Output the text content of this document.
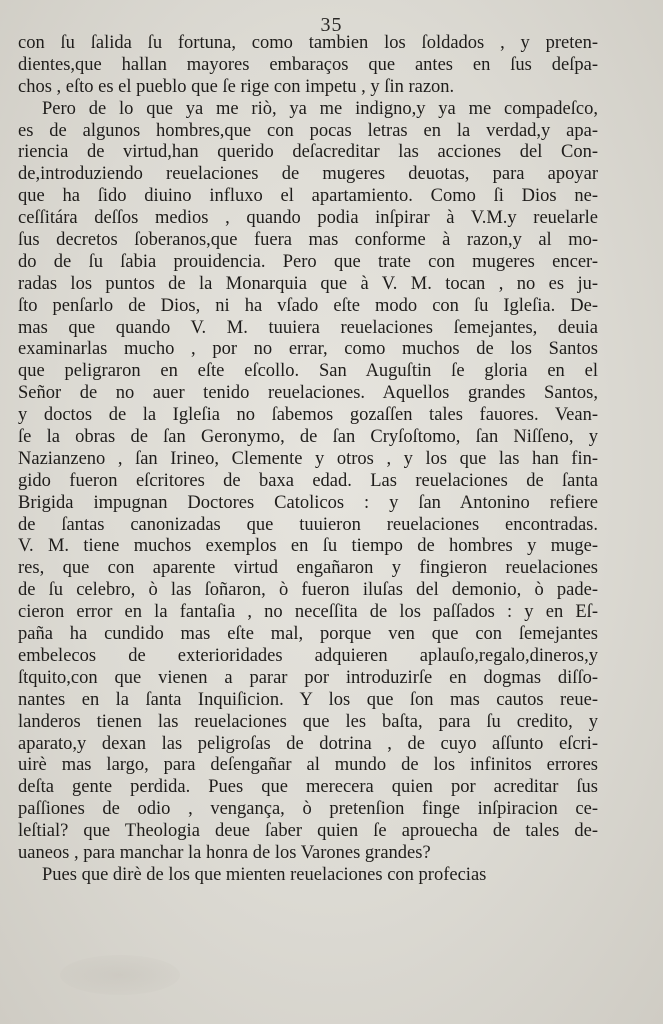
35
con ſu ſalida ſu fortuna, como tambien los ſoldados , y preten-
dientes,que hallan mayores embaraços que antes en ſus deſpa-
chos , eſto es el pueblo que ſe rige con impetu , y ſin razon.
Pero de lo que ya me riò, ya me indigno,y ya me compadeſco,
es de algunos hombres,que con pocas letras en la verdad,y apa-
riencia de virtud,han querido deſacreditar las acciones del Con-
de,introduziendo reuelaciones de mugeres deuotas, para apoyar
que ha ſido diuino influxo el apartamiento. Como ſi Dios ne-
ceſſitára deſſos medios , quando podia inſpirar à V.M.y reuelarle
ſus decretos ſoberanos,que fuera mas conforme à razon,y al mo-
do de ſu ſabia prouidencia. Pero que trate con mugeres encer-
radas los puntos de la Monarquia que à V. M. tocan , no es ju-
ſto penſarlo de Dios, ni ha vſado eſte modo con ſu Igleſia. De-
mas que quando V. M. tuuiera reuelaciones ſemejantes, deuia
examinarlas mucho , por no errar, como muchos de los Santos
que peligraron en eſte eſcollo. San Auguſtin ſe gloria en el
Señor de no auer tenido reuelaciones. Aquellos grandes Santos,
y doctos de la Igleſia no ſabemos gozaſſen tales fauores. Vean-
ſe la obras de ſan Geronymo, de ſan Cryſoſtomo, ſan Niſſeno, y
Nazianzeno , ſan Irineo, Clemente y otros , y los que las han fin-
gido fueron eſcritores de baxa edad. Las reuelaciones de ſanta
Brigida impugnan Doctores Catolicos : y ſan Antonino refiere
de ſantas canonizadas que tuuieron reuelaciones encontradas.
V. M. tiene muchos exemplos en ſu tiempo de hombres y muge-
res, que con aparente virtud engañaron y fingieron reuelaciones
de ſu celebro, ò las ſoñaron, ò fueron iluſas del demonio, ò pade-
cieron error en la fantaſia , no neceſſita de los paſſados : y en Eſ-
paña ha cundido mas eſte mal, porque ven que con ſemejantes
embelecos de exterioridades adquieren aplauſo,regalo,dineros,y
ſtquito,con que vienen a parar por introduzirſe en dogmas diſſo-
nantes en la ſanta Inquiſicion. Y los que ſon mas cautos reue-
landeros tienen las reuelaciones que les baſta, para ſu credito, y
aparato,y dexan las peligroſas de dotrina , de cuyo aſſunto eſcri-
uirè mas largo, para deſengañar al mundo de los infinitos errores
deſta gente perdida. Pues que merecera quien por acreditar ſus
paſſiones de odio , vengança, ò pretenſion finge inſpiracion ce-
leſtial? que Theologia deue ſaber quien ſe aprouecha de tales de-
uaneos , para manchar la honra de los Varones grandes?
Pues que dirè de los que mienten reuelaciones con profecias
